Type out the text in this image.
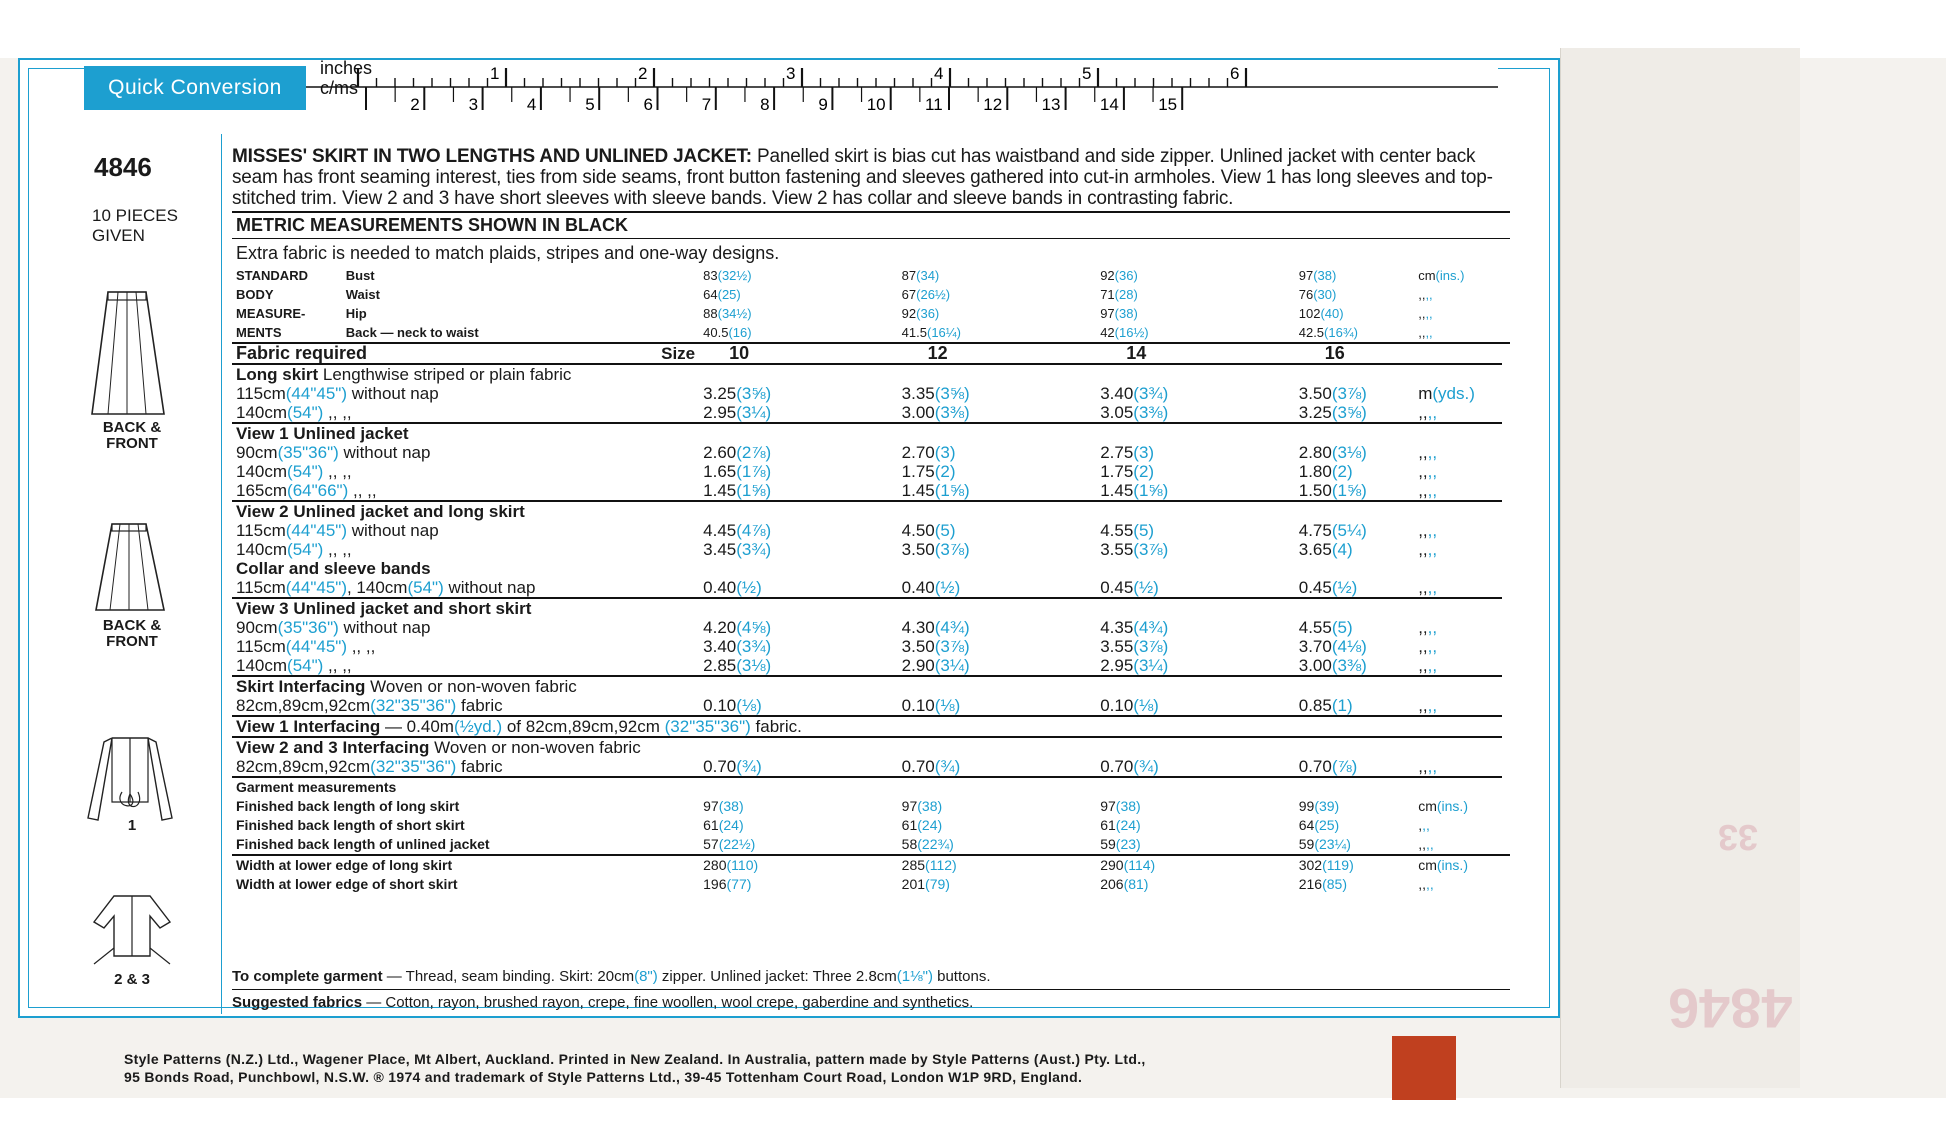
4846
33
Quick Conversion
inches
c/ms
1	2	3	4	5	6
2	3	4	5	6	7	8	9 10 11 12 13 14 15
4846
10 PIECES GIVEN
BACK & FRONT
BACK & FRONT
1
2 & 3
MISSES' SKIRT IN TWO LENGTHS AND UNLINED JACKET: Panelled skirt is bias cut has waistband and side zipper. Unlined jacket with center back seam has front seaming interest, ties from side seams, front button fastening and sleeves gathered into cut-in armholes. View 1 has long sleeves and top-stitched trim. View 2 and 3 have short sleeves with sleeve bands. View 2 has collar and sleeve bands in contrasting fabric.
METRIC MEASUREMENTS SHOWN IN BLACK
Extra fabric is needed to match plaids, stripes and one-way designs.
STANDARD	Bust		83(32½)	87(34)	92(36)	97(38)	cm(ins.)	
BODY	Waist		64(25)	67(26½)	71(28)	76(30)	,,,,	
MEASURE-	Hip		88(34½)	92(36)	97(38)	102(40)	,,,,	
MENTS	Back — neck to waist		40.5(16)	41.5(16¼)	42(16½)	42.5(16¾)	,,,,	
Fabric required		Size	10	12	14	16		
Long skirt Lengthwise striped or plain fabric								
115cm(44"45") without nap			3.25(3⅝)	3.35(3⅝)	3.40(3¾)	3.50(3⅞)	m(yds.)	
140cm(54") ,, ,,			2.95(3¼)	3.00(3⅜)	3.05(3⅜)	3.25(3⅝)	,,,,	
View 1 Unlined jacket								
90cm(35"36") without nap			2.60(2⅞)	2.70(3)	2.75(3)	2.80(3⅛)	,,,,	
140cm(54") ,, ,,			1.65(1⅞)	1.75(2)	1.75(2)	1.80(2)	,,,,	
165cm(64"66") ,, ,,			1.45(1⅝)	1.45(1⅝)	1.45(1⅝)	1.50(1⅝)	,,,,	
View 2 Unlined jacket and long skirt								
115cm(44"45") without nap			4.45(4⅞)	4.50(5)	4.55(5)	4.75(5¼)	,,,,	
140cm(54") ,, ,,			3.45(3¾)	3.50(3⅞)	3.55(3⅞)	3.65(4)	,,,,	
Collar and sleeve bands								
115cm(44"45"), 140cm(54") without nap			0.40(½)	0.40(½)	0.45(½)	0.45(½)	,,,,	
View 3 Unlined jacket and short skirt								
90cm(35"36") without nap			4.20(4⅝)	4.30(4¾)	4.35(4¾)	4.55(5)	,,,,	
115cm(44"45") ,, ,,			3.40(3¾)	3.50(3⅞)	3.55(3⅞)	3.70(4⅛)	,,,,	
140cm(54") ,, ,,			2.85(3⅛)	2.90(3¼)	2.95(3¼)	3.00(3⅜)	,,,,	
Skirt Interfacing Woven or non-woven fabric								
82cm,89cm,92cm(32"35"36") fabric			0.10(⅛)	0.10(⅛)	0.10(⅛)	0.85(1)	,,,,	
View 1 Interfacing — 0.40m(½yd.) of 82cm,89cm,92cm (32"35"36") fabric.								
View 2 and 3 Interfacing Woven or non-woven fabric								
82cm,89cm,92cm(32"35"36") fabric			0.70(¾)	0.70(¾)	0.70(¾)	0.70(⅞)	,,,,	
Garment measurements								
Finished back length of long skirt			97(38)	97(38)	97(38)	99(39)	cm(ins.)	
Finished back length of short skirt			61(24)	61(24)	61(24)	64(25)	,,,	
Finished back length of unlined jacket			57(22½)	58(22¾)	59(23)	59(23¼)	,,,,	
Width at lower edge of long skirt			280(110)	285(112)	290(114)	302(119)	cm(ins.)	
Width at lower edge of short skirt			196(77)	201(79)	206(81)	216(85)	,,,,	
To complete garment — Thread, seam binding. Skirt: 20cm(8") zipper. Unlined jacket: Three 2.8cm(1⅛") buttons.
Suggested fabrics — Cotton, rayon, brushed rayon, crepe, fine woollen, wool crepe, gaberdine and synthetics.
Style Patterns (N.Z.) Ltd., Wagener Place, Mt Albert, Auckland. Printed in New Zealand. In Australia, pattern made by Style Patterns (Aust.) Pty. Ltd.,
95 Bonds Road, Punchbowl, N.S.W. ® 1974 and trademark of Style Patterns Ltd., 39-45 Tottenham Court Road, London W1P 9RD, England.
